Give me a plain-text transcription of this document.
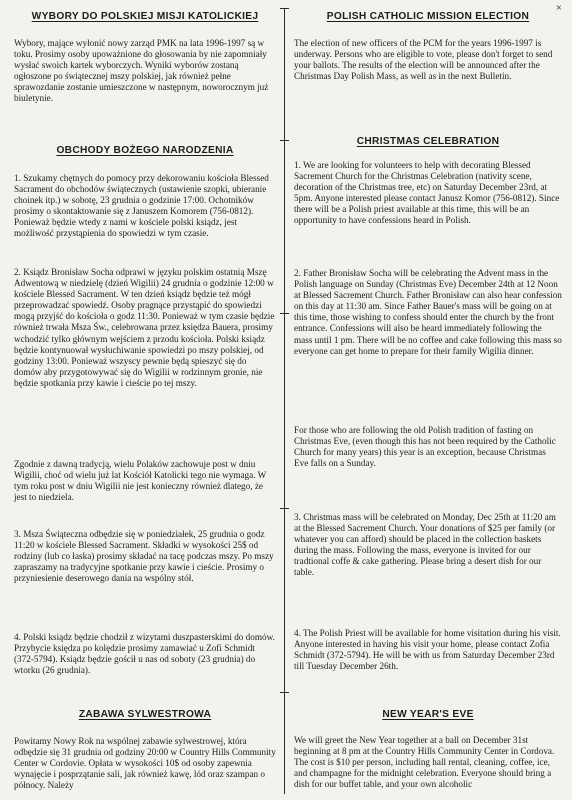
×
WYBORY DO POLSKIEJ MISJI KATOLICKIEJ

Wybory, mające wyłonić nowy zarząd PMK na lata 1996-1997 są w toku. Prosimy osoby upoważnione do głosowania by nie zapomniały wysłać swoich kartek wyborczych. Wyniki wyborów zostaną ogłoszone po świątecznej mszy polskiej, jak również pełne sprawozdanie zostanie umieszczone w następnym, noworocznym już biuletynie.

OBCHODY BOŻEGO NARODZENIA

1. Szukamy chętnych do pomocy przy dekorowaniu kościoła Blessed Sacrament do obchodów świątecznych (ustawienie szopki, ubieranie choinek itp.) w sobotę, 23 grudnia o godzinie 17:00. Ochotników prosimy o skontaktowanie się z Januszem Komorem (756-0812). Ponieważ będzie wtedy z nami w kościele polski ksiądz, jest możliwość przystąpienia do spowiedzi w tym czasie.

2. Ksiądz Bronisław Socha odprawi w języku polskim ostatnią Mszę Adwentową w niedzielę (dzień Wigilii) 24 grudnia o godzinie 12:00 w kościele Blessed Sacrament. W ten dzień ksiądz będzie też mógł przeprowadzać spowiedź. Osoby pragnące przystąpić do spowiedzi mogą przyjść do kościoła o godz 11:30. Ponieważ w tym czasie będzie również trwała Msza Św., celebrowana przez księdza Bauera, prosimy wchodzić tylko głównym wejściem z przodu kościoła. Polski ksiądz będzie kontynuował wysłuchiwanie spowiedzi po mszy polskiej, od godziny 13:00. Ponieważ wszyscy pewnie będą spieszyć się do domów aby przygotowywać się do Wigilii w rodzinnym gronie, nie będzie spotkania przy kawie i cieście po tej mszy.

Zgodnie z dawną tradycją, wielu Polaków zachowuje post w dniu Wigilii, choć od wielu już lat Kościół Katolicki tego nie wymaga. W tym roku post w dniu Wigilii nie jest konieczny również dlatego, że jest to niedziela.

3. Msza Świąteczna odbędzie się w poniedziałek, 25 grudnia o godz 11:20 w kościele Blessed Sacrament. Składki w wysokości 25$ od rodziny (lub co łaska) prosimy składać na tacę podczas mszy. Po mszy zapraszamy na tradycyjne spotkanie przy kawie i cieście. Prosimy o przyniesienie deserowego dania na wspólny stół.

4. Polski ksiądz będzie chodził z wizytami duszpasterskimi do domów. Przybycie księdza po kolędzie prosimy zamawiać u Zofi Schmidt (372-5794). Ksiądz będzie gościł u nas od soboty (23 grudnia) do wtorku (26 grudnia).

ZABAWA SYLWESTROWA

Powitamy Nowy Rok na wspólnej zabawie sylwestrowej, która odbędzie się 31 grudnia od godziny 20:00 w Country Hills Community Center w Cordovie. Opłata w wysokości 10$ od osoby zapewnia wynajęcie i posprzątanie sali, jak również kawę, lód oraz szampan o północy. Należy

POLISH CATHOLIC MISSION ELECTION

The election of new officers of the PCM for the years 1996-1997 is underway. Persons who are eligible to vote, please don't forget to send your ballots. The results of the election will be announced after the Christmas Day Polish Mass, as well as in the next Bulletin.

CHRISTMAS CELEBRATION

1. We are looking for volunteers to help with decorating Blessed Sacrement Church for the Christmas Celebration (nativity scene, decoration of the Christmas tree, etc) on Saturday December 23rd, at 5pm. Anyone interested please contact Janusz Komor (756-0812). Since there will be a Polish priest available at this time, this will be an opportunity to have confessions heard in Polish.

2. Father Bronisław Socha will be celebrating the Advent mass in the Polish language on Sunday (Christmas Eve) December 24th at 12 Noon at Blessed Sacrement Church. Father Bronisław can also hear confession on this day at 11:30 am. Since Father Bauer's mass will be going on at this time, those wishing to confess should enter the church by the front entrance. Confessions will also be heard immediately following the mass until 1 pm. There will be no coffee and cake following this mass so everyone can get home to prepare for their family Wigilia dinner.

For those who are following the old Polish tradition of fasting on Christmas Eve, (even though this has not been required by the Catholic Church for many years) this year is an exception, because Christmas Eve falls on a Sunday.

3. Christmas mass will be celebrated on Monday, Dec 25th at 11:20 am at the Blessed Sacrement Church. Your donations of $25 per family (or whatever you can afford) should be placed in the collection baskets during the mass. Following the mass, everyone is invited for our tradtional coffe & cake gathering. Please bring a desert dish for our table.

4. The Polish Priest will be available for home visitation during his visit. Anyone interested in having his visit your home, please contact Zofia Schmidt (372-5794). He will be with us from Saturday December 23rd till Tuesday December 26th.

NEW YEAR'S EVE

We will greet the New Year together at a ball on December 31st beginning at 8 pm at the Country Hills Community Center in Cordova. The cost is $10 per person, including hall rental, cleaning, coffee, ice, and champagne for the midnight celebration. Everyone should bring a dish for our buffet table, and your own alcoholic
